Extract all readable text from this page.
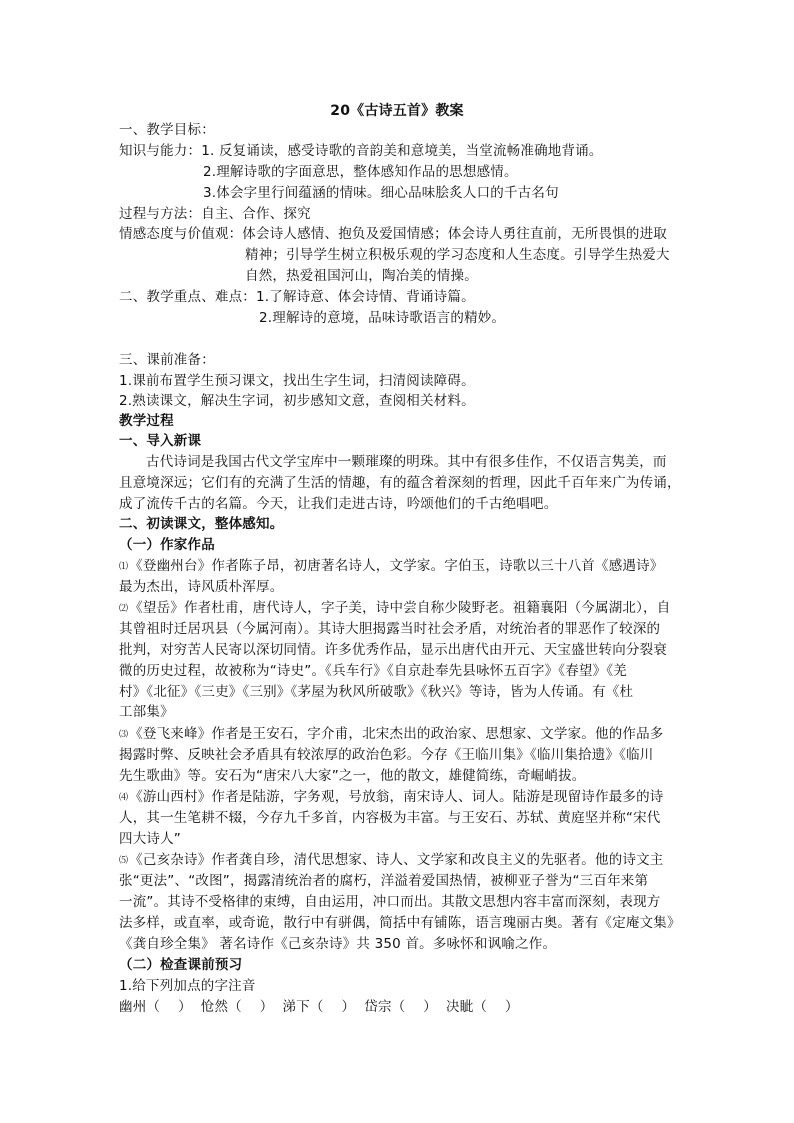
20《古诗五首》教案
一、教学目标：
知识与能力：1. 反复诵读，感受诗歌的音韵美和意境美，当堂流畅准确地背诵。
2.理解诗歌的字面意思，整体感知作品的思想感情。
3.体会字里行间蕴涵的情味。细心品味脍炙人口的千古名句
过程与方法：自主、合作、探究
情感态度与价值观：体会诗人感情、抱负及爱国情感；体会诗人勇往直前，无所畏惧的进取
精神；引导学生树立积极乐观的学习态度和人生态度。引导学生热爱大
自然，热爱祖国河山，陶冶美的情操。
二、教学重点、难点：1.了解诗意、体会诗情、背诵诗篇。
2.理解诗的意境，品味诗歌语言的精妙。
三、课前准备：
1.课前布置学生预习课文，找出生字生词，扫清阅读障碍。
2.熟读课文，解决生字词，初步感知文意，查阅相关材料。
教学过程
一、导入新课
古代诗词是我国古代文学宝库中一颗璀璨的明珠。其中有很多佳作，不仅语言隽美，而
且意境深远；它们有的充满了生活的情趣，有的蕴含着深刻的哲理，因此千百年来广为传诵，
成了流传千古的名篇。今天，让我们走进古诗，吟颂他们的千古绝唱吧。
二、初读课文，整体感知。
（一）作家作品
⑴《登幽州台》作者陈子昂，初唐著名诗人，文学家。字伯玉，诗歌以三十八首《感遇诗》
最为杰出，诗风质朴浑厚。
⑵《望岳》作者杜甫，唐代诗人，字子美，诗中尝自称少陵野老。祖籍襄阳（今属湖北），自
其曾祖时迁居巩县（今属河南）。其诗大胆揭露当时社会矛盾，对统治者的罪恶作了较深的
批判，对穷苦人民寄以深切同情。许多优秀作品，显示出唐代由开元、天宝盛世转向分裂衰
微的历史过程，故被称为“诗史”。《兵车行》《自京赴奉先县咏怀五百字》《春望》《羌
村》《北征》《三吏》《三别》《茅屋为秋风所破歌》《秋兴》等诗，皆为人传诵。有《杜
工部集》
⑶《登飞来峰》作者是王安石，字介甫，北宋杰出的政治家、思想家、文学家。他的作品多
揭露时弊、反映社会矛盾具有较浓厚的政治色彩。今存《王临川集》《临川集拾遗》《临川
先生歌曲》等。安石为“唐宋八大家”之一，他的散文，雄健简练，奇崛峭拔。
⑷《游山西村》作者是陆游，字务观，号放翁，南宋诗人、词人。陆游是现留诗作最多的诗
人，其一生笔耕不辍，今存九千多首，内容极为丰富。与王安石、苏轼、黄庭坚并称“宋代
四大诗人”
⑸《己亥杂诗》作者龚自珍，清代思想家、诗人、文学家和改良主义的先驱者。他的诗文主
张“更法”、“改图”，揭露清统治者的腐朽，洋溢着爱国热情，被柳亚子誉为“三百年来第
一流”。其诗不受格律的束缚，自由运用，冲口而出。其散文思想内容丰富而深刻，表现方
法多样，或直率，或奇诡，散行中有骈偶，简括中有铺陈，语言瑰丽古奥。著有《定庵文集》
《龚自珍全集》 著名诗作《己亥杂诗》共 350 首。多咏怀和讽喻之作。
（二）检查课前预习
1.给下列加点的字注音
幽州（    ）  怆然（    ）  涕下（    ）  岱宗（    ）  决眦（    ）
